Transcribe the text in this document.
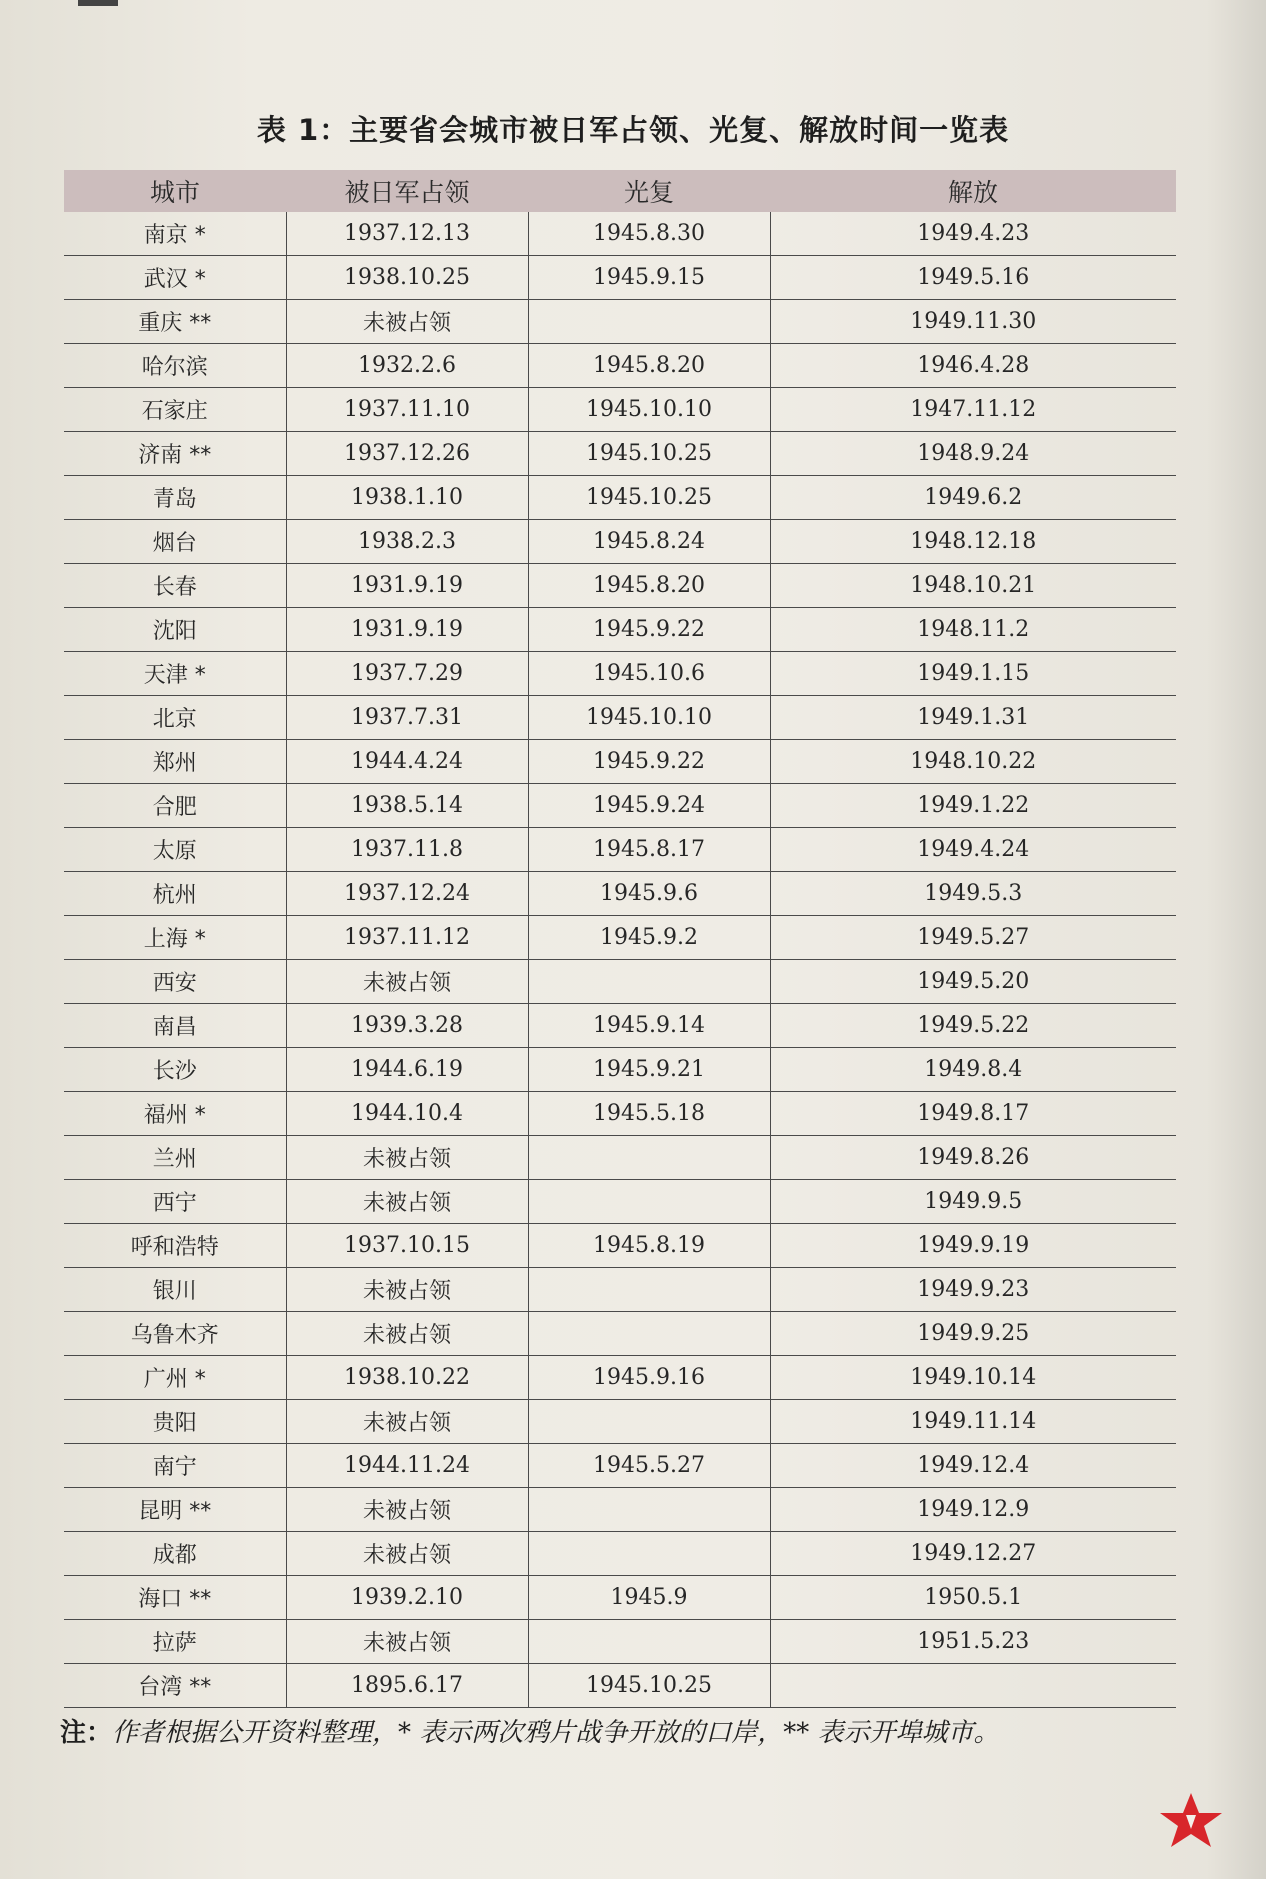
表 1：主要省会城市被日军占领、光复、解放时间一览表
城市	被日军占领	光复	解放
南京 *	1937.12.13	1945.8.30	1949.4.23
武汉 *	1938.10.25	1945.9.15	1949.5.16
重庆 **	未被占领		1949.11.30
哈尔滨	1932.2.6	1945.8.20	1946.4.28
石家庄	1937.11.10	1945.10.10	1947.11.12
济南 **	1937.12.26	1945.10.25	1948.9.24
青岛	1938.1.10	1945.10.25	1949.6.2
烟台	1938.2.3	1945.8.24	1948.12.18
长春	1931.9.19	1945.8.20	1948.10.21
沈阳	1931.9.19	1945.9.22	1948.11.2
天津 *	1937.7.29	1945.10.6	1949.1.15
北京	1937.7.31	1945.10.10	1949.1.31
郑州	1944.4.24	1945.9.22	1948.10.22
合肥	1938.5.14	1945.9.24	1949.1.22
太原	1937.11.8	1945.8.17	1949.4.24
杭州	1937.12.24	1945.9.6	1949.5.3
上海 *	1937.11.12	1945.9.2	1949.5.27
西安	未被占领		1949.5.20
南昌	1939.3.28	1945.9.14	1949.5.22
长沙	1944.6.19	1945.9.21	1949.8.4
福州 *	1944.10.4	1945.5.18	1949.8.17
兰州	未被占领		1949.8.26
西宁	未被占领		1949.9.5
呼和浩特	1937.10.15	1945.8.19	1949.9.19
银川	未被占领		1949.9.23
乌鲁木齐	未被占领		1949.9.25
广州 *	1938.10.22	1945.9.16	1949.10.14
贵阳	未被占领		1949.11.14
南宁	1944.11.24	1945.5.27	1949.12.4
昆明 **	未被占领		1949.12.9
成都	未被占领		1949.12.27
海口 **	1939.2.10	1945.9	1950.5.1
拉萨	未被占领		1951.5.23
台湾 **	1895.6.17	1945.10.25	
注：作者根据公开资料整理，* 表示两次鸦片战争开放的口岸，** 表示开埠城市。
